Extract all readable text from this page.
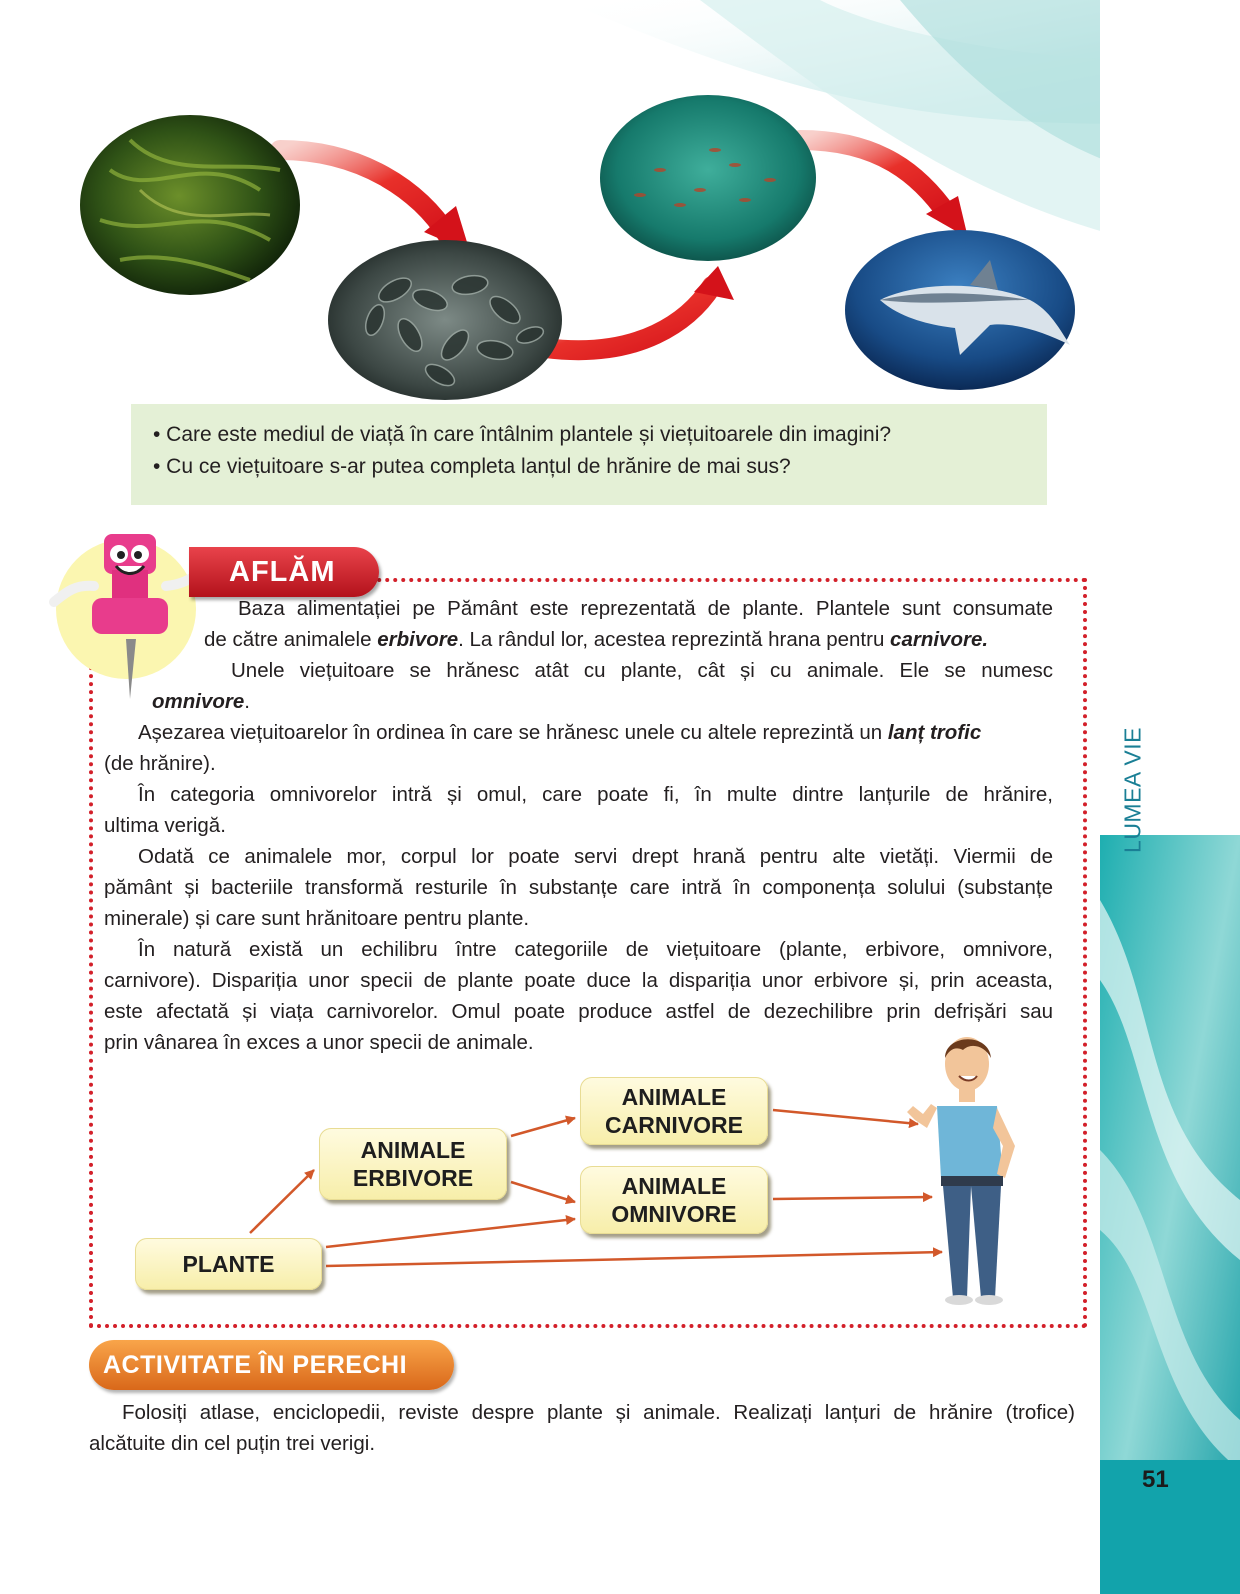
LUMEA VIE
51

• Care este mediul de viață în care întâlnim plantele și viețuitoarele din imagini?

• Cu ce viețuitoare s-ar putea completa lanțul de hrănire de mai sus?

AFLĂM
Baza alimentației pe Pământ este reprezentată de plante. Plantele sunt consumate
de către animalele erbivore. La rândul lor, acestea reprezintă hrana pentru carnivore.
Unele viețuitoare se hrănesc atât cu plante, cât și cu animale. Ele se numesc
omnivore.
Așezarea viețuitoarelor în ordinea în care se hrănesc unele cu altele reprezintă un lanț trofic
(de hrănire).
În categoria omnivorelor intră și omul, care poate fi, în multe dintre lanțurile de hrănire,
ultima verigă.
Odată ce animalele mor, corpul lor poate servi drept hrană pentru alte vietăți. Viermii de
pământ și bacteriile transformă resturile în substanțe care intră în componența solului (substanțe
minerale) și care sunt hrănitoare pentru plante.
În natură există un echilibru între categoriile de viețuitoare (plante, erbivore, omnivore,
carnivore). Dispariția unor specii de plante poate duce la dispariția unor erbivore și, prin aceasta,
este afectată și viața carnivorelor. Omul poate produce astfel de dezechilibre prin defrișări sau
prin vânarea în exces a unor specii de animale.
PLANTE
ANIMALE
ERBIVORE
ANIMALE
CARNIVORE
ANIMALE
OMNIVORE
ACTIVITATE ÎN PERECHI
Folosiți atlase, enciclopedii, reviste despre plante și animale. Realizați lanțuri de hrănire (trofice)
alcătuite din cel puțin trei verigi.
